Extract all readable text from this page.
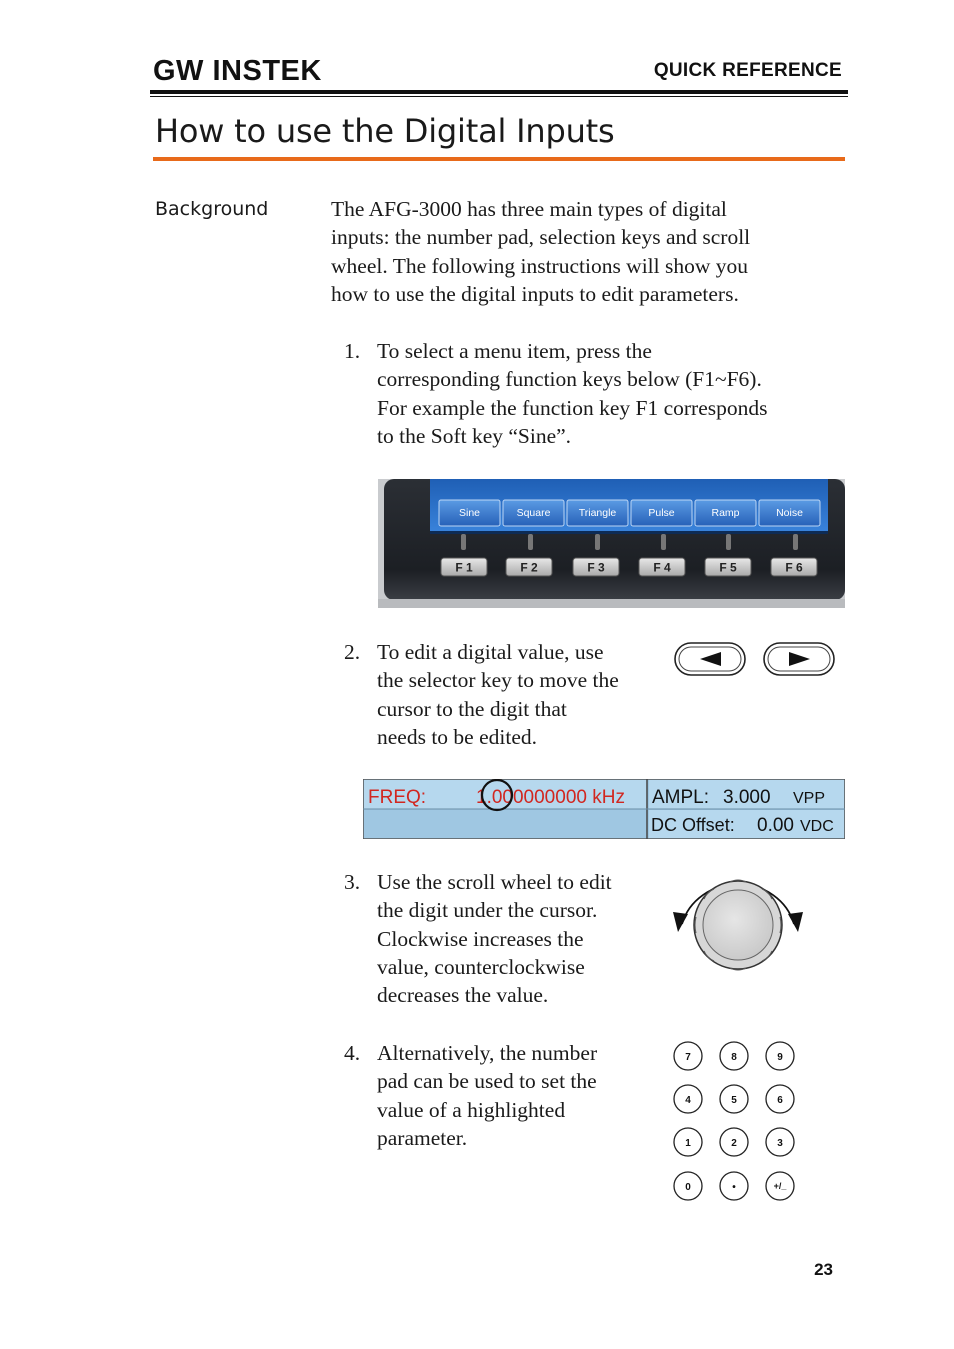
GW INSTEK	QUICK REFERENCE
How to use the Digital Inputs
Background	The AFG-3000 has three main types of digital
inputs: the number pad, selection keys and scroll
wheel. The following instructions will show you
how to use the digital inputs to edit parameters.
1. To select a menu item, press the
corresponding function keys below (F1~F6).
For example the function key F1 corresponds
to the Soft key “Sine”.
Sine	Square	Triangle	Pulse	Ramp	Noise
F 1	F 2	F 3	F 4	F 5	F 6
2. To edit a digital value, use
the selector key to move the
cursor to the digit that
needs to be edited.
FREQ:	1.000000000 kHz AMPL: 3.000 VPP
DC Offset: 0.00 VDC
3. Use the scroll wheel to edit
the digit under the cursor.
Clockwise increases the
value, counterclockwise
decreases the value.
4. Alternatively, the number
pad can be used to set the
value of a highlighted
parameter.
7	8	9
4	5	6
1	2	3
0	•	+/_
23
